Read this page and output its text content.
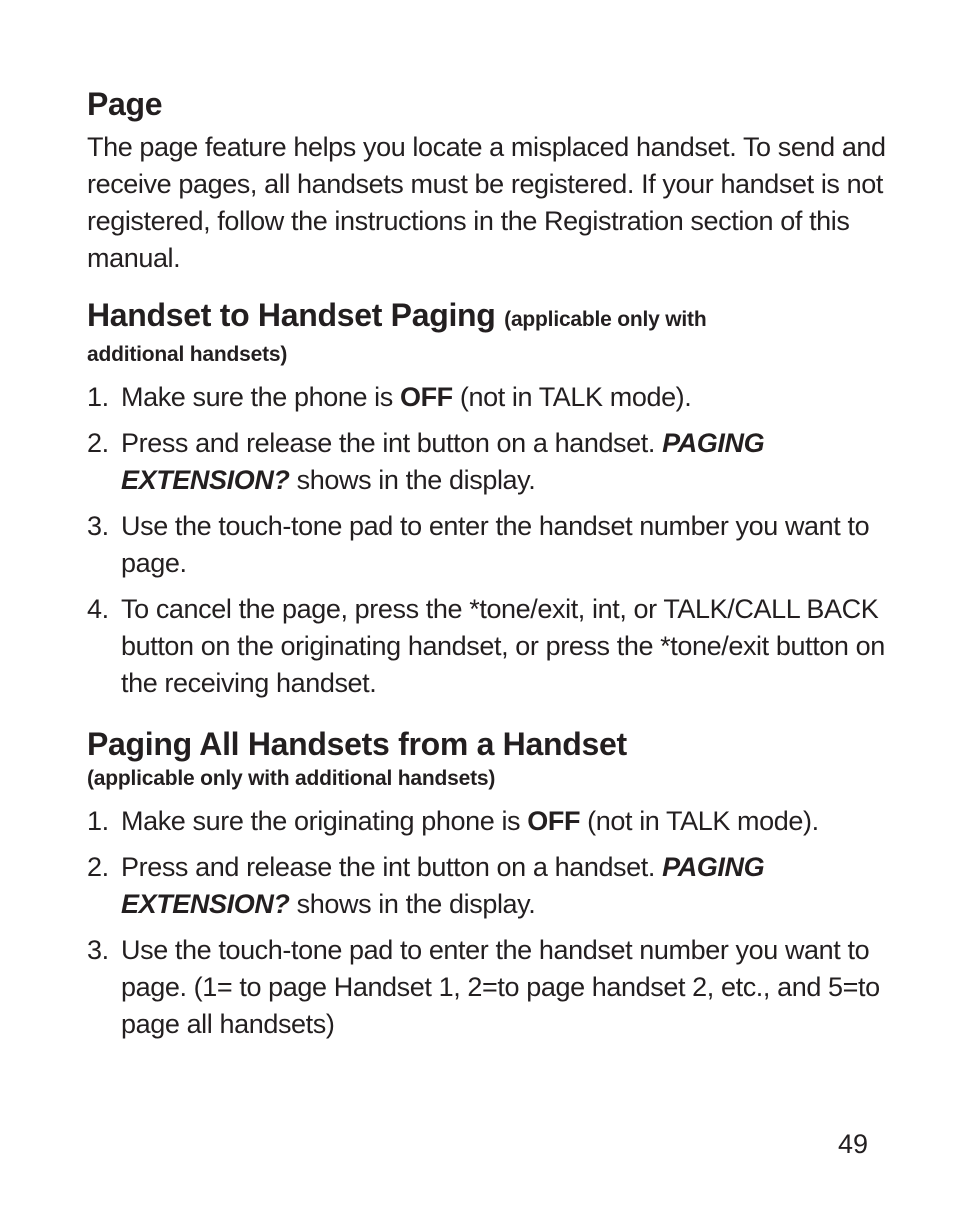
Page

The page feature helps you locate a misplaced handset. To send and receive pages, all handsets must be registered. If your handset is not registered, follow the instructions in the Registration section of this manual.

Handset to Handset Paging (applicable only with
additional handsets)
1. Make sure the phone is OFF (not in TALK mode).
2. Press and release the int button on a handset. PAGING EXTENSION? shows in the display.
3. Use the touch-tone pad to enter the handset number you want to page.
4. To cancel the page, press the *tone/exit, int, or TALK/CALL BACK button on the originating handset, or press the *tone/exit button on the receiving handset.
Paging All Handsets from a Handset
(applicable only with additional handsets)
1. Make sure the originating phone is OFF (not in TALK mode).
2. Press and release the int button on a handset. PAGING EXTENSION? shows in the display.
3. Use the touch-tone pad to enter the handset number you want to page. (1= to page Handset 1, 2=to page handset 2, etc., and 5=to page all handsets)
49
